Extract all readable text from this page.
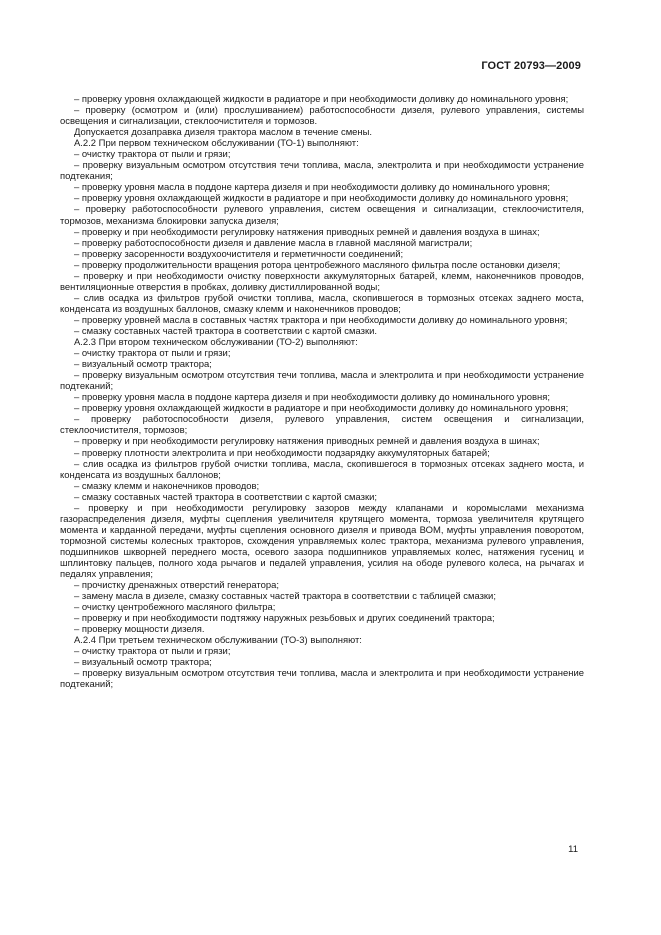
ГОСТ 20793—2009

– проверку уровня охлаждающей жидкости в радиаторе и при необходимости доливку до номинального уровня;

– проверку (осмотром и (или) прослушиванием) работоспособности дизеля, рулевого управления, системы освещения и сигнализации, стеклоочистителя и тормозов.

Допускается дозаправка дизеля трактора маслом в течение смены.

А.2.2 При первом техническом обслуживании (ТО-1) выполняют:

– очистку трактора от пыли и грязи;

– проверку визуальным осмотром отсутствия течи топлива, масла, электролита и при необходимости устранение подтекания;

– проверку уровня масла в поддоне картера дизеля и при необходимости доливку до номинального уровня;

– проверку уровня охлаждающей жидкости в радиаторе и при необходимости доливку до номинального уровня;

– проверку работоспособности рулевого управления, систем освещения и сигнализации, стеклоочистителя, тормозов, механизма блокировки запуска дизеля;

– проверку и при необходимости регулировку натяжения приводных ремней и давления воздуха в шинах;

– проверку работоспособности дизеля и давление масла в главной масляной магистрали;

– проверку засоренности воздухоочистителя и герметичности соединений;

– проверку продолжительности вращения ротора центробежного масляного фильтра после остановки дизеля;

– проверку и при необходимости очистку поверхности аккумуляторных батарей, клемм, наконечников проводов, вентиляционные отверстия в пробках, доливку дистиллированной воды;

– слив осадка из фильтров грубой очистки топлива, масла, скопившегося в тормозных отсеках заднего моста, конденсата из воздушных баллонов, смазку клемм и наконечников проводов;

– проверку уровней масла в составных частях трактора и при необходимости доливку до номинального уровня;

– смазку составных частей трактора в соответствии с картой смазки.

А.2.3 При втором техническом обслуживании (ТО-2) выполняют:

– очистку трактора от пыли и грязи;

– визуальный осмотр трактора;

– проверку визуальным осмотром отсутствия течи топлива, масла и электролита и при необходимости устранение подтеканий;

– проверку уровня масла в поддоне картера дизеля и при необходимости доливку до номинального уровня;

– проверку уровня охлаждающей жидкости в радиаторе и при необходимости доливку до номинального уровня;

– проверку работоспособности дизеля, рулевого управления, систем освещения и сигнализации, стеклоочистителя, тормозов;

– проверку и при необходимости регулировку натяжения приводных ремней и давления воздуха в шинах;

– проверку плотности электролита и при необходимости подзарядку аккумуляторных батарей;

– слив осадка из фильтров грубой очистки топлива, масла, скопившегося в тормозных отсеках заднего моста, и конденсата из воздушных баллонов;

– смазку клемм и наконечников проводов;

– смазку составных частей трактора в соответствии с картой смазки;

– проверку и при необходимости регулировку зазоров между клапанами и коромыслами механизма газораспределения дизеля, муфты сцепления увеличителя крутящего момента, тормоза увеличителя крутящего момента и карданной передачи, муфты сцепления основного дизеля и привода ВОМ, муфты управления поворотом, тормозной системы колесных тракторов, схождения управляемых колес трактора, механизма рулевого управления, подшипников шкворней переднего моста, осевого зазора подшипников управляемых колес, натяжения гусениц и шплинтовку пальцев, полного хода рычагов и педалей управления, усилия на ободе рулевого колеса, на рычагах и педалях управления;

– прочистку дренажных отверстий генератора;

– замену масла в дизеле, смазку составных частей трактора в соответствии с таблицей смазки;

– очистку центробежного масляного фильтра;

– проверку и при необходимости подтяжку наружных резьбовых и других соединений трактора;

– проверку мощности дизеля.

А.2.4 При третьем техническом обслуживании (ТО-3) выполняют:

– очистку трактора от пыли и грязи;

– визуальный осмотр трактора;

– проверку визуальным осмотром отсутствия течи топлива, масла и электролита и при необходимости устранение подтеканий;

11
